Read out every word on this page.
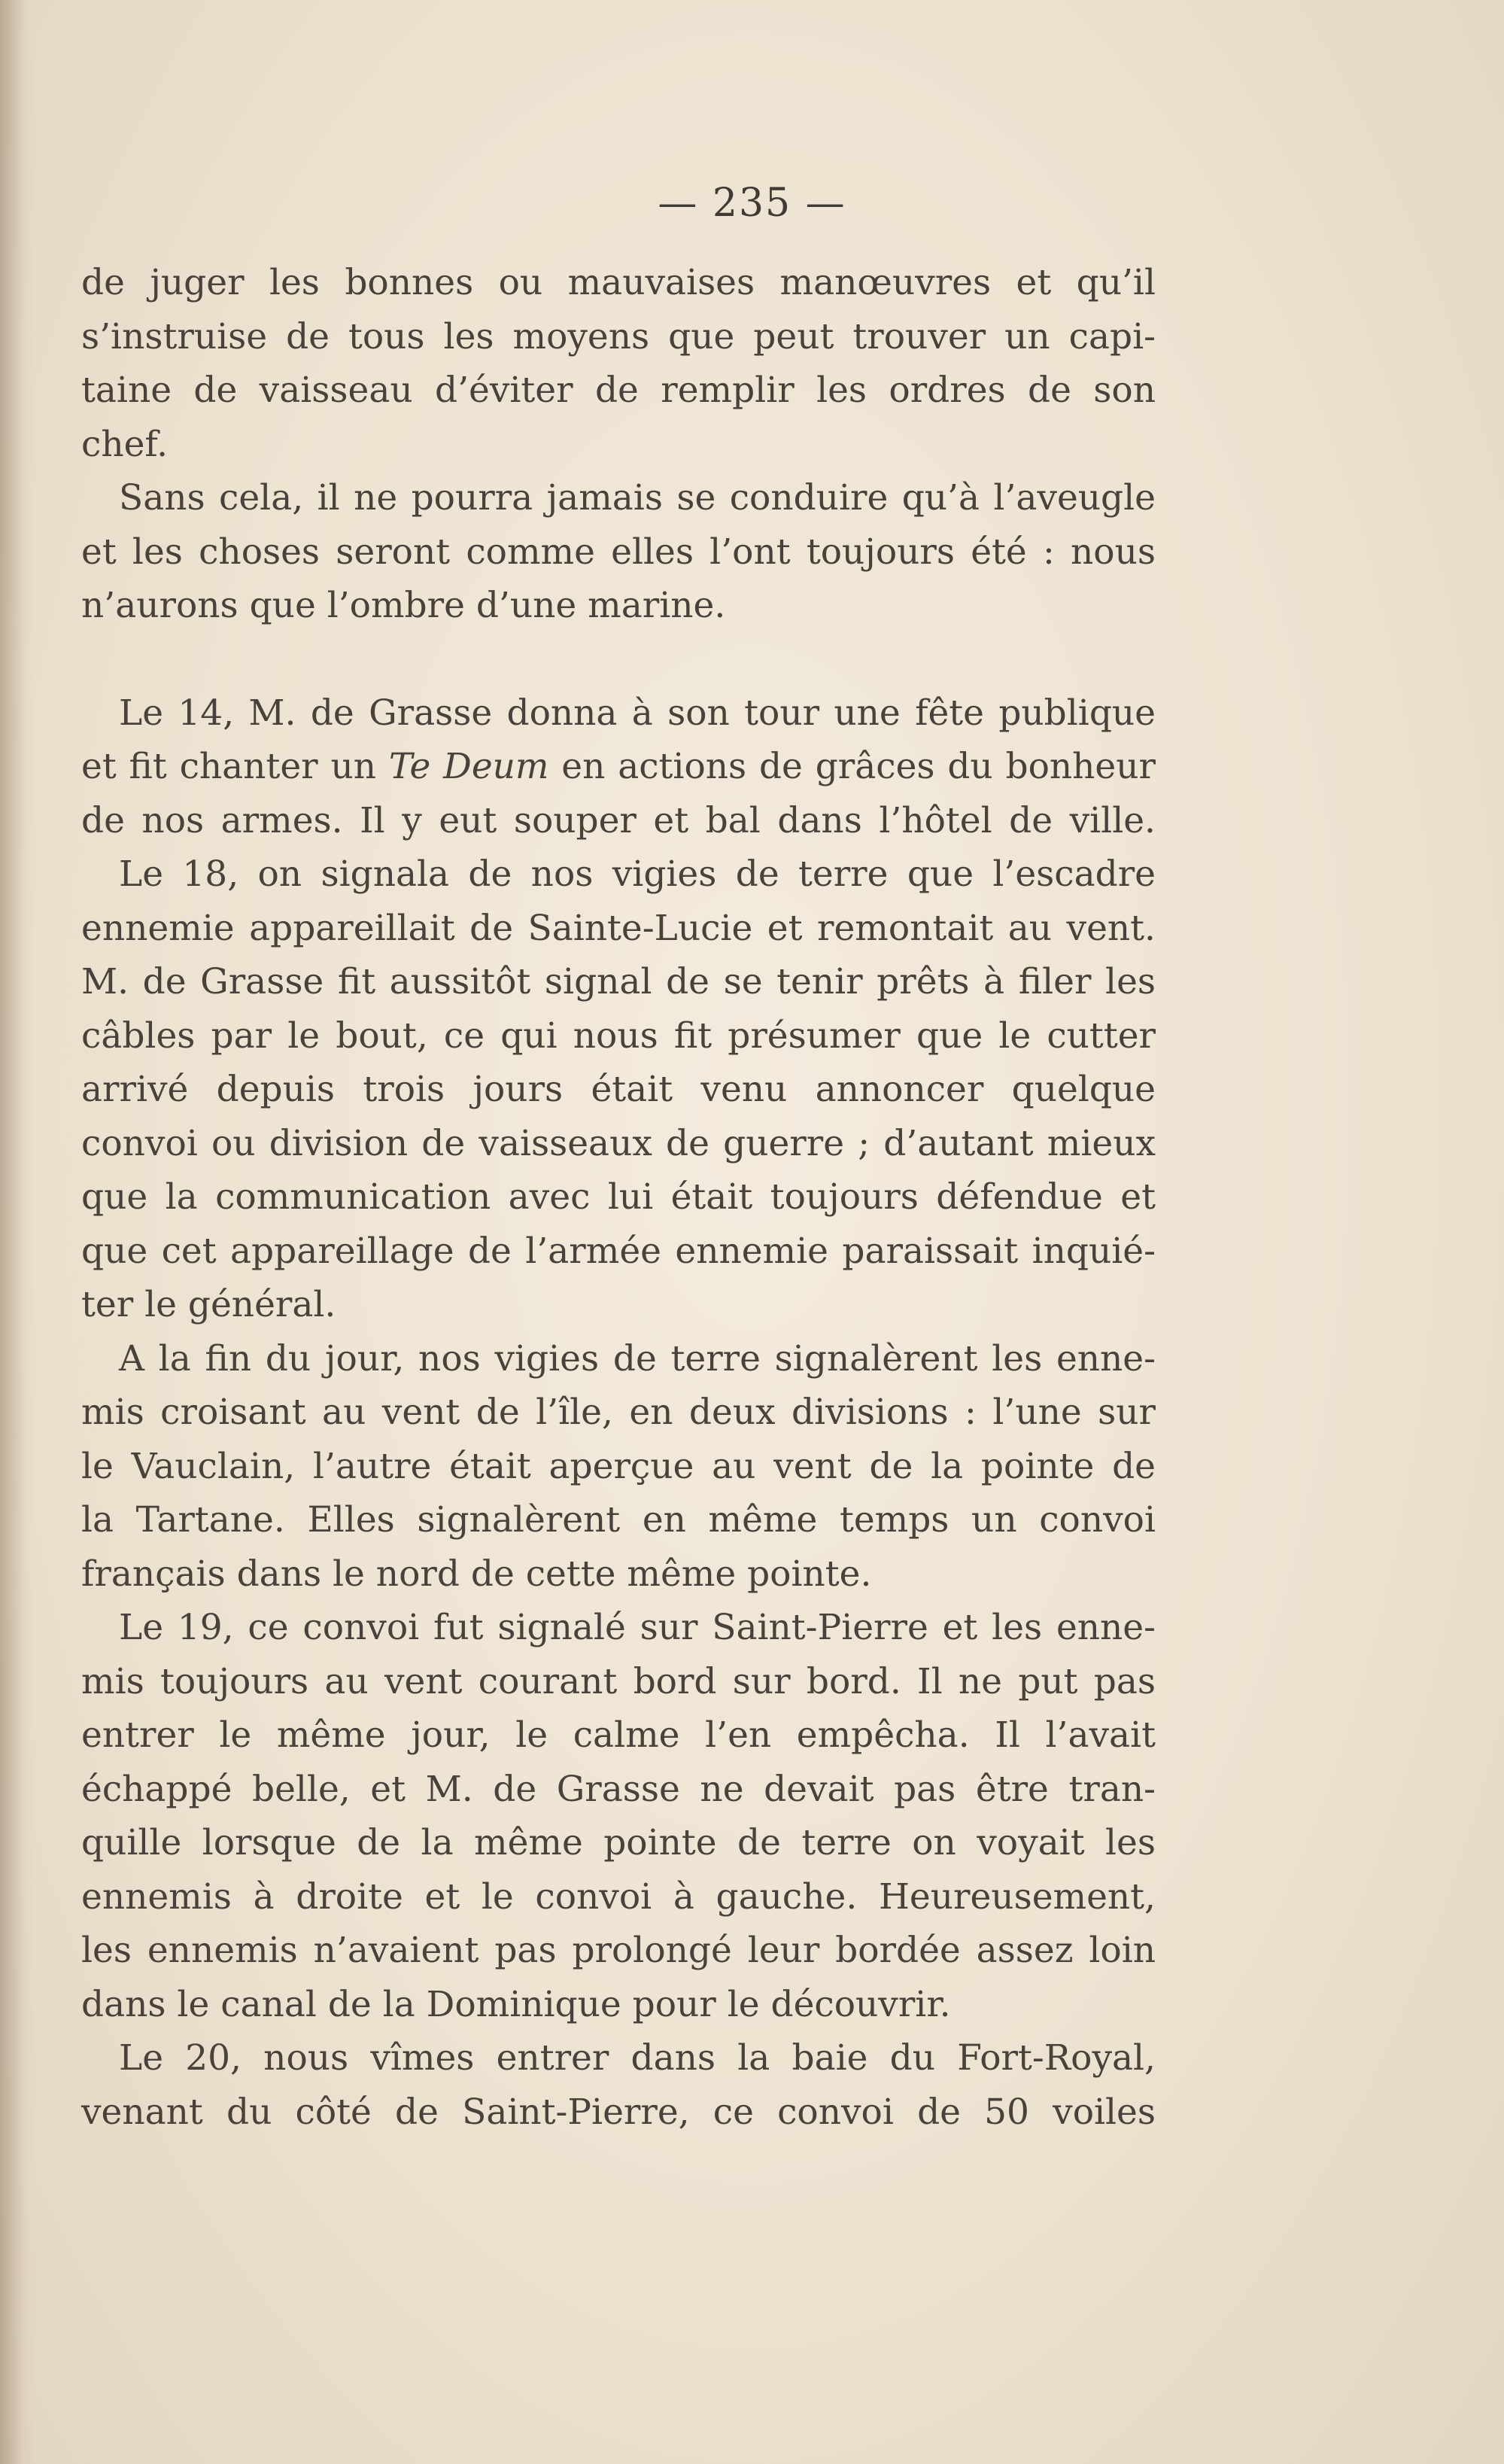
— 235 —

de juger les bonnes ou mauvaises manœuvres et qu’il
s’instruise de tous les moyens que peut trouver un capi-
taine de vaisseau d’éviter de remplir les ordres de son

chef.

Sans cela, il ne pourra jamais se conduire qu’à l’aveugle
et les choses seront comme elles l’ont toujours été : nous

n’aurons que l’ombre d’une marine.

Le 14, M. de Grasse donna à son tour une fête publique
et fit chanter un Te Deum en actions de grâces du bonheur
de nos armes. Il y eut souper et bal dans l’hôtel de ville.

Le 18, on signala de nos vigies de terre que l’escadre
ennemie appareillait de Sainte-Lucie et remontait au vent.
M. de Grasse fit aussitôt signal de se tenir prêts à filer les
câbles par le bout, ce qui nous fit présumer que le cutter
arrivé depuis trois jours était venu annoncer quelque
convoi ou division de vaisseaux de guerre ; d’autant mieux
que la communication avec lui était toujours défendue et
que cet appareillage de l’armée ennemie paraissait inquié-

ter le général.

A la fin du jour, nos vigies de terre signalèrent les enne-
mis croisant au vent de l’île, en deux divisions : l’une sur
le Vauclain, l’autre était aperçue au vent de la pointe de
la Tartane. Elles signalèrent en même temps un convoi

français dans le nord de cette même pointe.

Le 19, ce convoi fut signalé sur Saint-Pierre et les enne-
mis toujours au vent courant bord sur bord. Il ne put pas
entrer le même jour, le calme l’en empêcha. Il l’avait
échappé belle, et M. de Grasse ne devait pas être tran-
quille lorsque de la même pointe de terre on voyait les
ennemis à droite et le convoi à gauche. Heureusement,
les ennemis n’avaient pas prolongé leur bordée assez loin

dans le canal de la Dominique pour le découvrir.

Le 20, nous vîmes entrer dans la baie du Fort-Royal,
venant du côté de Saint-Pierre, ce convoi de 50 voiles
